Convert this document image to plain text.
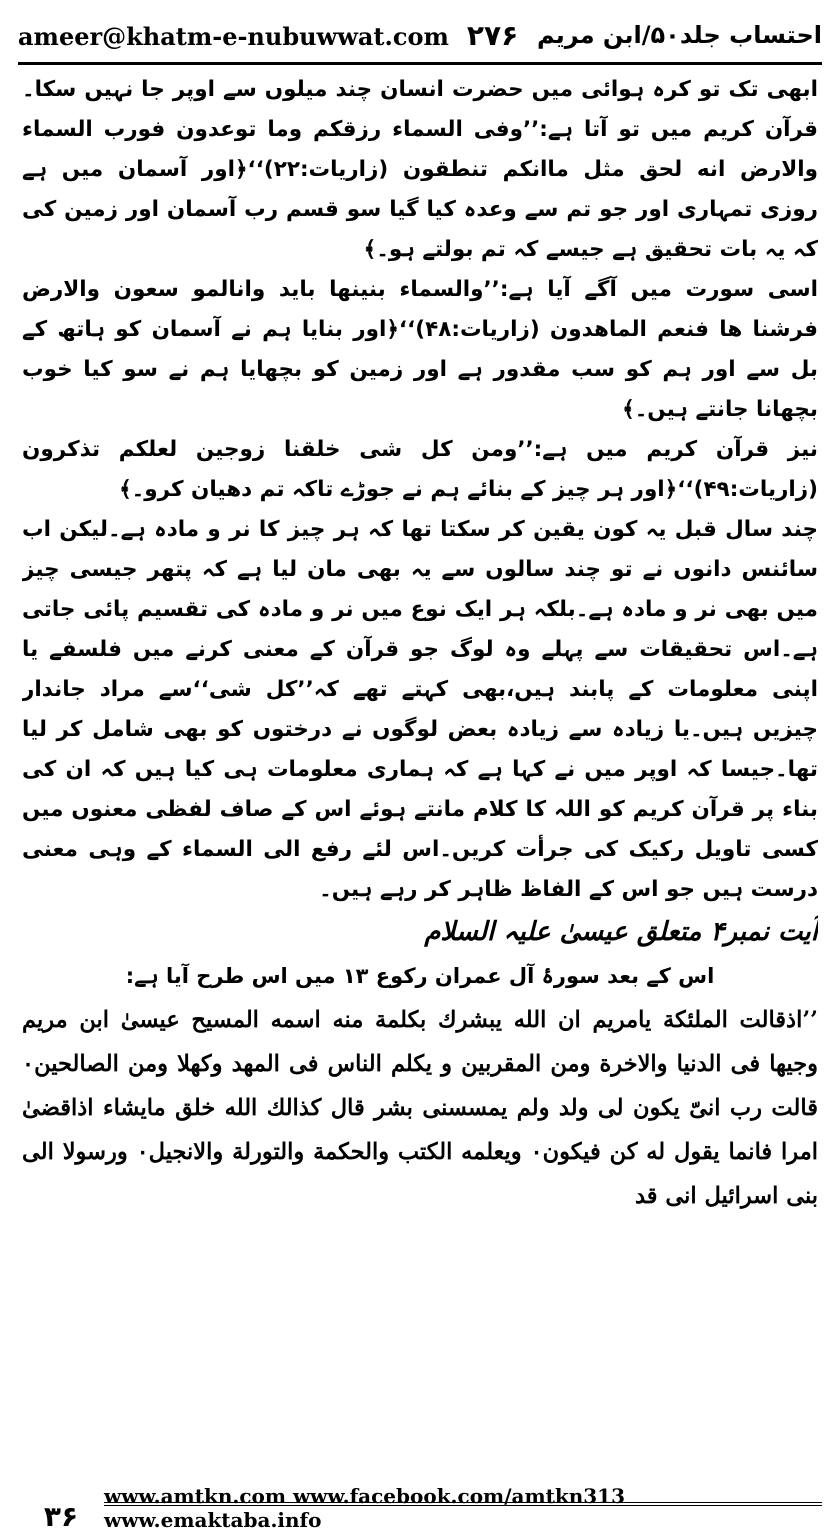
ameer@khatm-e-nubuwwat.com ۲۷۶ احتساب جلد۵۰/ابن مریم

ابھی تک تو کرہ ہوائی میں حضرت انسان چند میلوں سے اوپر جا نہیں سکا۔قرآن کریم میں تو آتا ہے:’’وفی السماء رزقکم وما توعدون فورب السماء والارض انه لحق مثل ماانکم تنطقون (زاریات:۲۲)‘‘﴿اور آسمان میں ہے روزی تمہاری اور جو تم سے وعدہ کیا گیا سو قسم رب آسمان اور زمین کی کہ یہ بات تحقیق ہے جیسے کہ تم بولتے ہو۔﴾

اسی سورت میں آگے آیا ہے:’’والسماء بنینها باید وانالمو سعون والارض فرشنا ها فنعم الماهدون (زاریات:۴۸)‘‘﴿اور بنایا ہم نے آسمان کو ہاتھ کے بل سے اور ہم کو سب مقدور ہے اور زمین کو بچھایا ہم نے سو کیا خوب بچھانا جانتے ہیں۔﴾

نیز قرآن کریم میں ہے:’’ومن کل شی خلقنا زوجین لعلکم تذکرون (زاریات:۴۹)‘‘﴿اور ہر چیز کے بنائے ہم نے جوڑے تاکہ تم دھیان کرو۔﴾

چند سال قبل یہ کون یقین کر سکتا تھا کہ ہر چیز کا نر و مادہ ہے۔لیکن اب سائنس دانوں نے تو چند سالوں سے یہ بھی مان لیا ہے کہ پتھر جیسی چیز میں بھی نر و مادہ ہے۔بلکہ ہر ایک نوع میں نر و مادہ کی تقسیم پائی جاتی ہے۔اس تحقیقات سے پہلے وہ لوگ جو قرآن کے معنی کرنے میں فلسفے یا اپنی معلومات کے پابند ہیں،بھی کہتے تھے کہ’’کل شی‘‘سے مراد جاندار چیزیں ہیں۔یا زیادہ سے زیادہ بعض لوگوں نے درختوں کو بھی شامل کر لیا تھا۔جیسا کہ اوپر میں نے کہا ہے کہ ہماری معلومات ہی کیا ہیں کہ ان کی بناء پر قرآن کریم کو اللہ کا کلام مانتے ہوئے اس کے صاف لفظی معنوں میں کسی تاویل رکیک کی جرأت کریں۔اس لئے رفع الی السماء کے وہی معنی درست ہیں جو اس کے الفاظ ظاہر کر رہے ہیں۔

آیت نمبر۴ متعلق عیسیٰ علیہ السلام

اس کے بعد سورۂ آل عمران رکوع ۱۳ میں اس طرح آیا ہے:

’’اذقالت الملئکة یامریم ان الله یبشرك بکلمة منه اسمه المسیح عیسیٰ ابن مریم وجیها فی الدنیا والاخرة ومن المقربین و یکلم الناس فی المهد وکهلا ومن الصالحین۰ قالت رب انیّ یکون لی ولد ولم یمسسنی بشر قال کذالك الله خلق مایشاء اذاقضیٰ امرا فانما یقول له کن فیکون۰ ویعلمه الکتب والحکمة والتورلة والانجیل۰ ورسولا الی بنی اسرائیل انی قد

۳۶
www.amtkn.com www.facebook.com/amtkn313 www.emaktaba.info
